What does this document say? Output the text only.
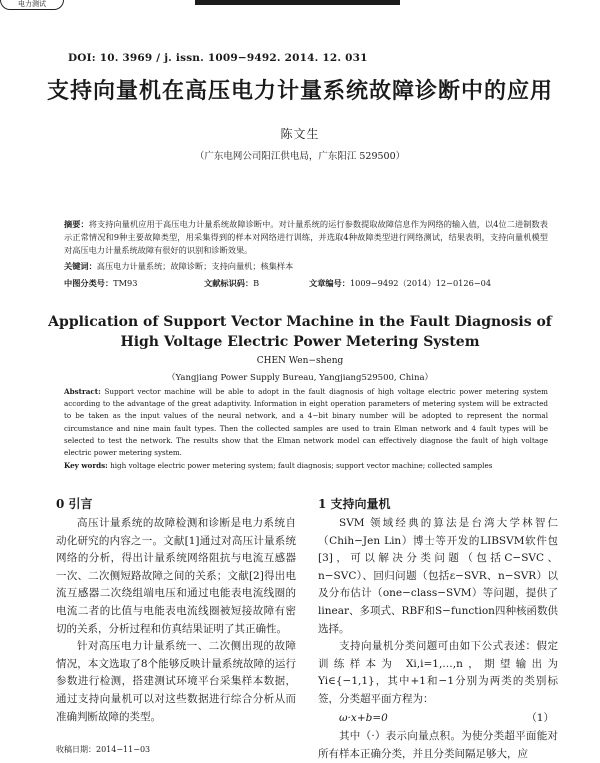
电力测试
DOI: 10. 3969 / j. issn. 1009−9492. 2014. 12. 031
支持向量机在高压电力计量系统故障诊断中的应用
陈文生
（广东电网公司阳江供电局，广东阳江 529500）
摘要：将支持向量机应用于高压电力计量系统故障诊断中。对计量系统的运行参数提取故障信息作为网络的输入值，以4位二进制数表示正常情况和9种主要故障类型，用采集得到的样本对网络进行训练，并选取4种故障类型进行网络测试，结果表明，支持向量机模型对高压电力计量系统故障有很好的识别和诊断效果。
关键词：高压电力计量系统；故障诊断；支持向量机；核集样本
中图分类号：TM93	文献标识码：B	文章编号：1009−9492（2014）12−0126−04
Application of Support Vector Machine in the Fault Diagnosis of High Voltage Electric Power Metering System
CHEN Wen−sheng
（Yangjiang Power Supply Bureau, Yangjiang529500, China）
Abstract: Support vector machine will be able to adopt in the fault diagnosis of high voltage electric power metering system according to the advantage of the great adaptivity. Information in eight operation parameters of metering system will be extracted to be taken as the input values of the neural network, and a 4−bit binary number will be adopted to represent the normal circumstance and nine main fault types. Then the collected samples are used to train Elman network and 4 fault types will be selected to test the network. The results show that the Elman network model can effectively diagnose the fault of high voltage electric power metering system.
Key words: high voltage electric power metering system; fault diagnosis; support vector machine; collected samples
0 引言

高压计量系统的故障检测和诊断是电力系统自动化研究的内容之一。文献[1]通过对高压计量系统网络的分析，得出计量系统网络阻抗与电流互感器一次、二次侧短路故障之间的关系；文献[2]得出电流互感器二次绕组端电压和通过电能表电流线圈的电流二者的比值与电能表电流线圈被短接故障有密切的关系，分析过程和仿真结果证明了其正确性。

针对高压电力计量系统一、二次侧出现的故障情况，本文选取了8个能够反映计量系统故障的运行参数进行检测，搭建测试环境平台采集样本数据，通过支持向量机可以对这些数据进行综合分析从而准确判断故障的类型。

1 支持向量机

SVM 领域经典的算法是台湾大学林智仁（Chih−Jen Lin）博士等开发的LIBSVM软件包[3]，可以解决分类问题（包括C−SVC、n−SVC）、回归问题（包括ε−SVR、n−SVR）以及分布估计（one−class−SVM）等问题，提供了linear、多项式、RBF和S−function四种核函数供选择。

支持向量机分类问题可由如下公式表述：假定训练样本为 Xi,i=1,…,n，期望输出为 Yi∈{−1,1}，其中+1和−1分别为两类的类别标签，分类超平面方程为：

ω·x+b=0	（1）

其中（·）表示向量点积。为使分类超平面能对所有样本正确分类，并且分类间隔足够大，应

收稿日期：2014−11−03
